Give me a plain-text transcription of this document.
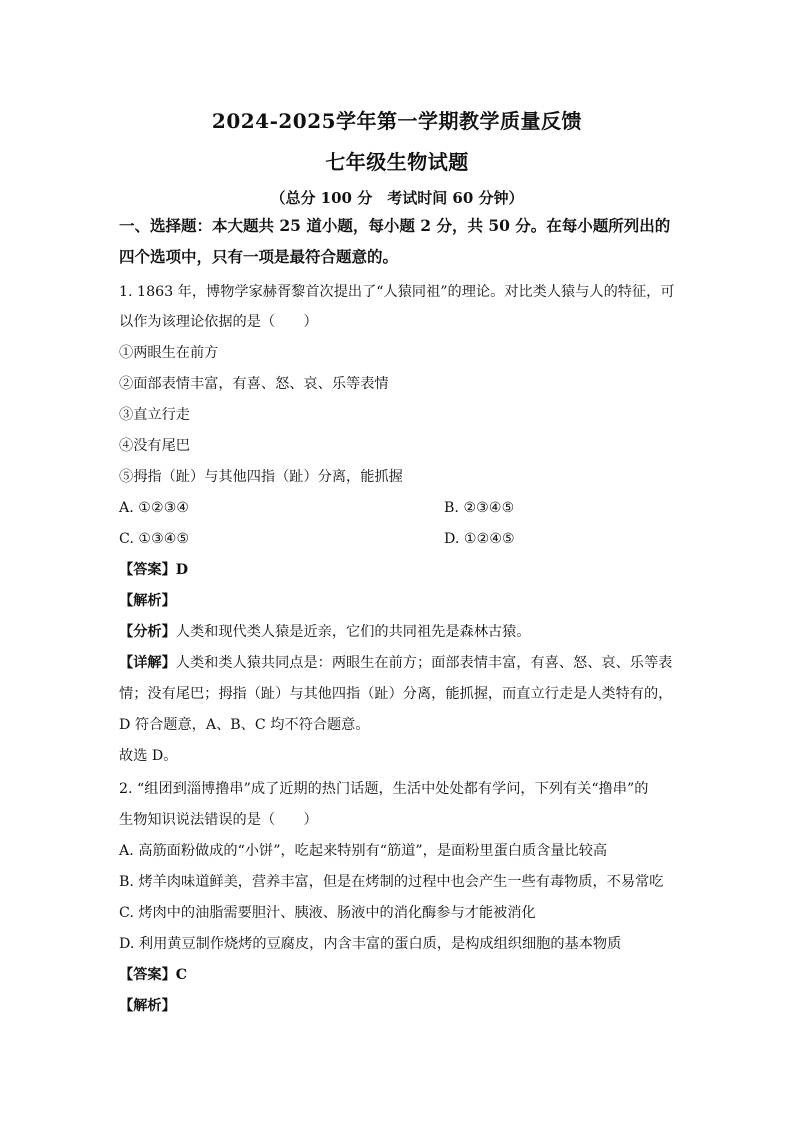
2024-2025学年第一学期教学质量反馈
七年级生物试题
（总分 100 分　考试时间 60 分钟）
一、选择题：本大题共 25 道小题，每小题 2 分，共 50 分。在每小题所列出的
四个选项中，只有一项是最符合题意的。
1. 1863 年，博物学家赫胥黎首次提出了“人猿同祖”的理论。对比类人猿与人的特征，可
以作为该理论依据的是（　　）
①两眼生在前方
②面部表情丰富，有喜、怒、哀、乐等表情
③直立行走
④没有尾巴
⑤拇指（趾）与其他四指（趾）分离，能抓握
A. ①②③④	B. ②③④⑤
C. ①③④⑤	D. ①②④⑤
【答案】D
【解析】
【分析】人类和现代类人猿是近亲，它们的共同祖先是森林古猿。
【详解】人类和类人猿共同点是：两眼生在前方；面部表情丰富，有喜、怒、哀、乐等表
情；没有尾巴；拇指（趾）与其他四指（趾）分离，能抓握，而直立行走是人类特有的，
D 符合题意，A、B、C 均不符合题意。
故选 D。
2. “组团到淄博撸串”成了近期的热门话题，生活中处处都有学问，下列有关“撸串”的
生物知识说法错误的是（　　）
A. 高筋面粉做成的“小饼”，吃起来特别有“筋道”，是面粉里蛋白质含量比较高
B. 烤羊肉味道鲜美，营养丰富，但是在烤制的过程中也会产生一些有毒物质，不易常吃
C. 烤肉中的油脂需要胆汁、胰液、肠液中的消化酶参与才能被消化
D. 利用黄豆制作烧烤的豆腐皮，内含丰富的蛋白质，是构成组织细胞的基本物质
【答案】C
【解析】
